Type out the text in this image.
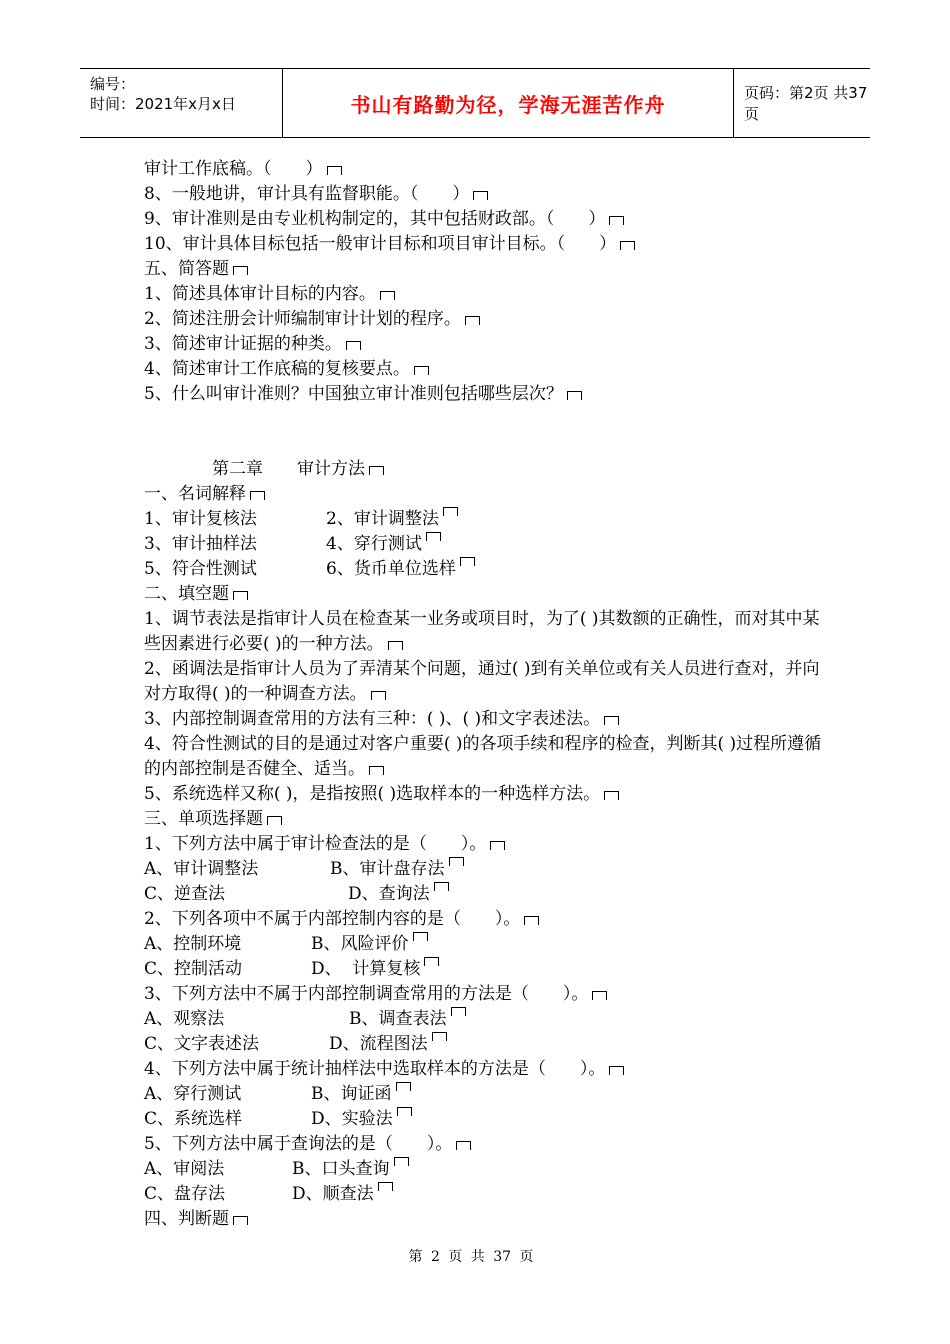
编号：
时间：2021年x月x日	书山有路勤为径，学海无涯苦作舟	页码：第2页 共37页
审计工作底稿。（　　）
8、一般地讲，审计具有监督职能。（　　）
9、审计准则是由专业机构制定的，其中包括财政部。（　　）
10、审计具体目标包括一般审计目标和项目审计目标。（　　）
五、简答题
1、简述具体审计目标的内容。
2、简述注册会计师编制审计计划的程序。
3、简述审计证据的种类。
4、简述审计工作底稿的复核要点。
5、什么叫审计准则？中国独立审计准则包括哪些层次？
第二章　　审计方法
一、名词解释
1、审计复核法	2、审计调整法
3、审计抽样法	4、穿行测试
5、符合性测试	6、货币单位选样
二、填空题
1、调节表法是指审计人员在检查某一业务或项目时，为了( )其数额的正确性，而对其中某些因素进行必要( )的一种方法。
2、函调法是指审计人员为了弄清某个问题，通过( )到有关单位或有关人员进行查对，并向对方取得( )的一种调查方法。
3、内部控制调查常用的方法有三种：( )、( )和文字表述法。
4、符合性测试的目的是通过对客户重要( )的各项手续和程序的检查，判断其( )过程所遵循的内部控制是否健全、适当。
5、系统选样又称( )，是指按照( )选取样本的一种选样方法。
三、单项选择题
1、下列方法中属于审计检查法的是（　　）。
A、审计调整法	B、审计盘存法
C、逆查法	D、查询法
2、下列各项中不属于内部控制内容的是（　　）。
A、控制环境	B、风险评价
C、控制活动	D、  计算复核
3、下列方法中不属于内部控制调查常用的方法是（　　）。
A、观察法	B、调查表法
C、文字表述法	D、流程图法
4、下列方法中属于统计抽样法中选取样本的方法是（　　）。
A、穿行测试	B、询证函
C、系统选样	D、实验法
5、下列方法中属于查询法的是（　　）。
A、审阅法	B、口头查询
C、盘存法	D、顺查法
四、判断题
第 2 页 共 37 页
